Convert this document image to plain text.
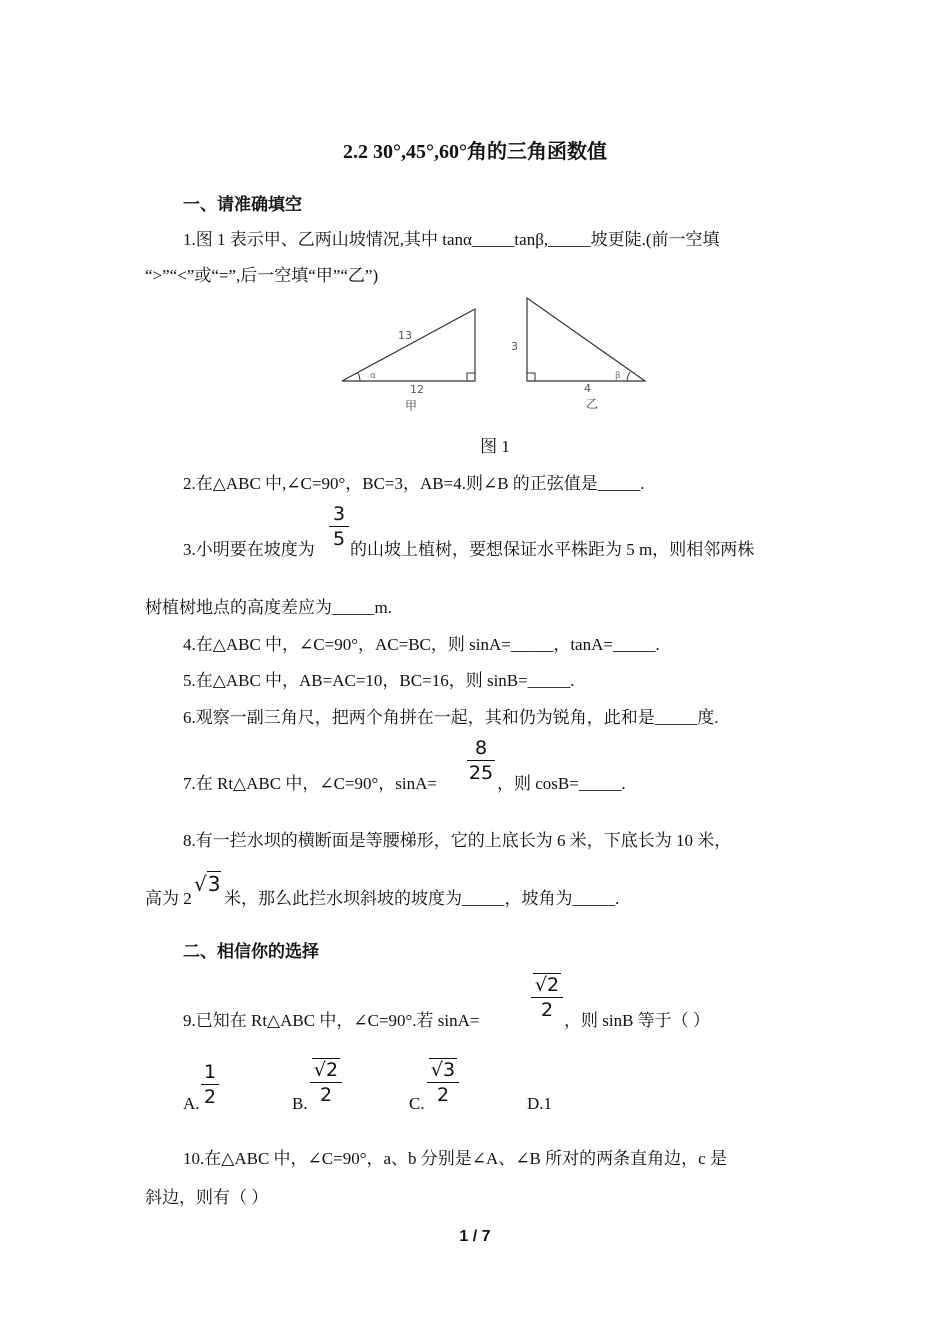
2.2 30°,45°,60°角的三角函数值
一、请准确填空
1.图 1 表示甲、乙两山坡情况,其中 tanα_____tanβ,_____坡更陡.(前一空填
“>”“<”或“=”,后一空填“甲”“乙”)
13
12
α
甲
3
4
β
乙
图 1
2.在△ABC 中,∠C=90°，BC=3，AB=4.则∠B 的正弦值是_____.
3.小明要在坡度为
3
5 的山坡上植树，要想保证水平株距为 5 m，则相邻两株
树植树地点的高度差应为_____m.
4.在△ABC 中，∠C=90°，AC=BC，则 sinA=_____，tanA=_____.
5.在△ABC 中，AB=AC=10，BC=16，则 sinB=_____.
6.观察一副三角尺，把两个角拼在一起，其和仍为锐角，此和是_____度.
7.在 Rt△ABC 中，∠C=90°，sinA=
8
25 ，则 cosB=_____.
8.有一拦水坝的横断面是等腰梯形，它的上底长为 6 米，下底长为 10 米，
高为 2
√3
米，那么此拦水坝斜坡的坡度为_____，坡角为_____.
二、相信你的选择
9.已知在 Rt△ABC 中，∠C=90°.若 sinA=
√2
2 ，则 sinB 等于（ ）
A.
1
2	B.
√2
2	C.
√3
2	D.1
10.在△ABC 中，∠C=90°，a、b 分别是∠A、∠B 所对的两条直角边，c 是
斜边，则有（ ）
1 / 7
